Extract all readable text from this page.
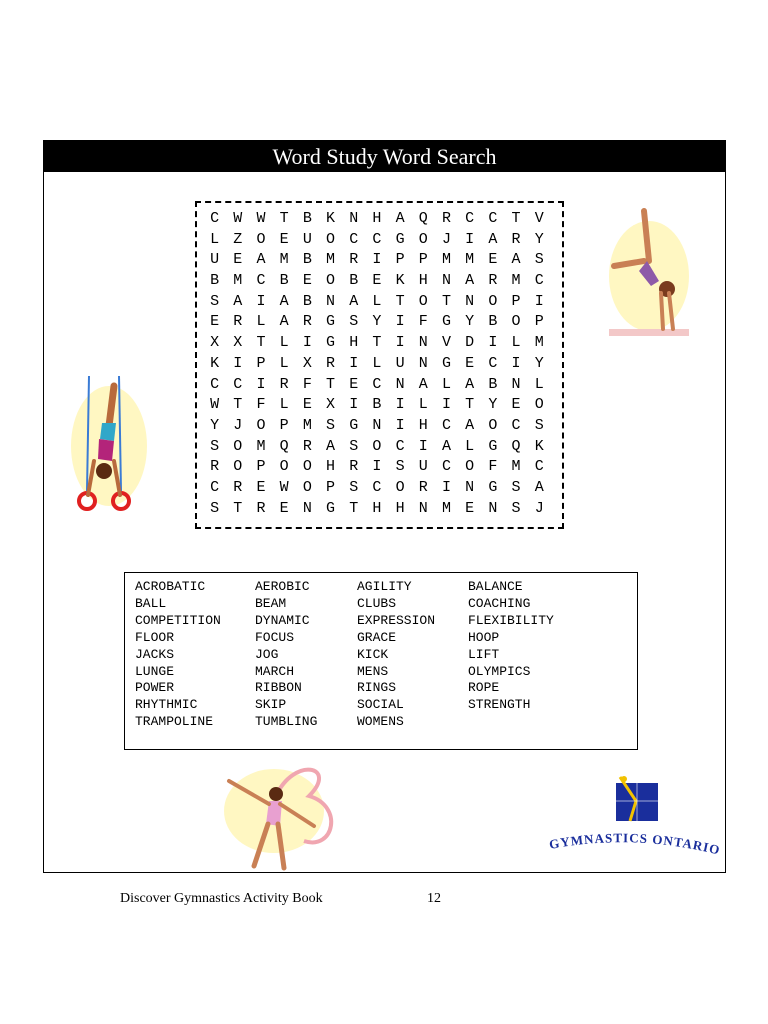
Word Study Word Search
C W W T B K N H A Q R C C T V
L Z O E U O C C G O J I A R Y
U E A M B M R I P P M M E A S
B M C B E O B E K H N A R M C
S A I A B N A L T O T N O P I
E R L A R G S Y I F G Y B O P
X X T L I G H T I N V D I L M
K I P L X R I L U N G E C I Y
C C I R F T E C N A L A B N L
W T F L E X I B I L I T Y E O
Y J O P M S G N I H C A O C S
S O M Q R A S O C I A L G Q K
R O P O O H R I S U C O F M C
C R E W O P S C O R I N G S A
S T R E N G T H H N M E N S J
ACROBATIC
BALL
COMPETITION
FLOOR
JACKS
LUNGE
POWER
RHYTHMIC
TRAMPOLINE
AEROBIC
BEAM
DYNAMIC
FOCUS
JOG
MARCH
RIBBON
SKIP
TUMBLING
AGILITY
CLUBS
EXPRESSION
GRACE
KICK
MENS
RINGS
SOCIAL
WOMENS
BALANCE
COACHING
FLEXIBILITY
HOOP
LIFT
OLYMPICS
ROPE
STRENGTH
GYMNASTICS ONTARIO
Discover Gymnastics Activity Book	12
